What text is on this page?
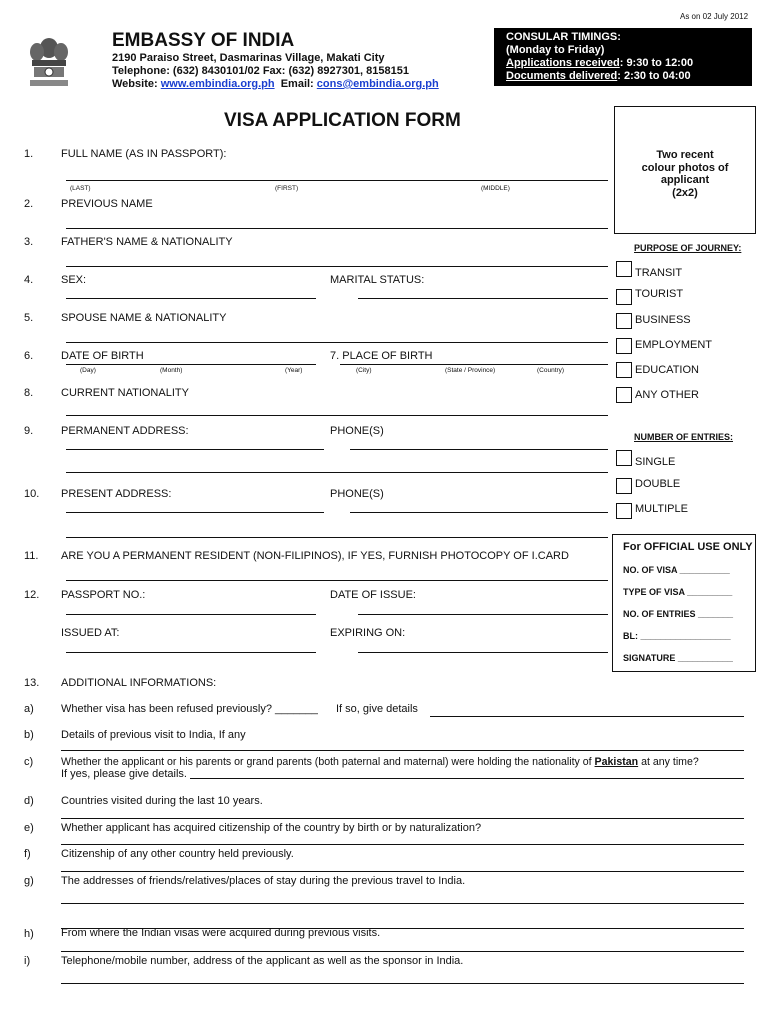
As on 02 July 2012
EMBASSY OF INDIA
2190 Paraiso Street, Dasmarinas Village, Makati City
Telephone: (632) 8430101/02 Fax: (632) 8927301, 8158151
Website: www.embindia.org.ph Email: cons@embindia.org.ph
CONSULAR TIMINGS:
(Monday to Friday)
Applications received: 9:30 to 12:00
Documents delivered: 2:30 to 04:00
VISA APPLICATION FORM
Two recent
colour photos of
applicant
(2x2)
PURPOSE OF JOURNEY:
TRANSIT
TOURIST
BUSINESS
EMPLOYMENT
EDUCATION
ANY OTHER
NUMBER OF ENTRIES:
SINGLE
DOUBLE
MULTIPLE
For OFFICIAL USE ONLY
NO. OF VISA __________
TYPE OF VISA _________
NO. OF ENTRIES _______
BL: __________________
SIGNATURE ___________
1.	FULL NAME (AS IN PASSPORT):
(LAST)	(FIRST)	(MIDDLE)
2.	PREVIOUS NAME
3.	FATHER'S NAME & NATIONALITY
4.	SEX:	MARITAL STATUS:
5.	SPOUSE NAME & NATIONALITY
6.	DATE OF BIRTH	7. PLACE OF BIRTH
(Day)	(Month)	(Year)	(City)	(State / Province)	(Country)
8.	CURRENT NATIONALITY
9.	PERMANENT ADDRESS:	PHONE(S)
10. PRESENT ADDRESS:	PHONE(S)
11. ARE YOU A PERMANENT RESIDENT (NON-FILIPINOS), IF YES, FURNISH PHOTOCOPY OF I.CARD
12. PASSPORT NO.:	DATE OF ISSUE:
ISSUED AT:	EXPIRING ON:
13. ADDITIONAL INFORMATIONS:
a) Whether visa has been refused previously? _______ If so, give details
b) Details of previous visit to India, If any
c)	Whether the applicant or his parents or grand parents (both paternal and maternal) were holding the nationality of Pakistan at any time?
If yes, please give details.
d) Countries visited during the last 10 years.
e) Whether applicant has acquired citizenship of the country by birth or by naturalization?
f)	Citizenship of any other country held previously.
g) The addresses of friends/relatives/places of stay during the previous travel to India.
h) From where the Indian visas were acquired during previous visits.
i)	Telephone/mobile number, address of the applicant as well as the sponsor in India.
